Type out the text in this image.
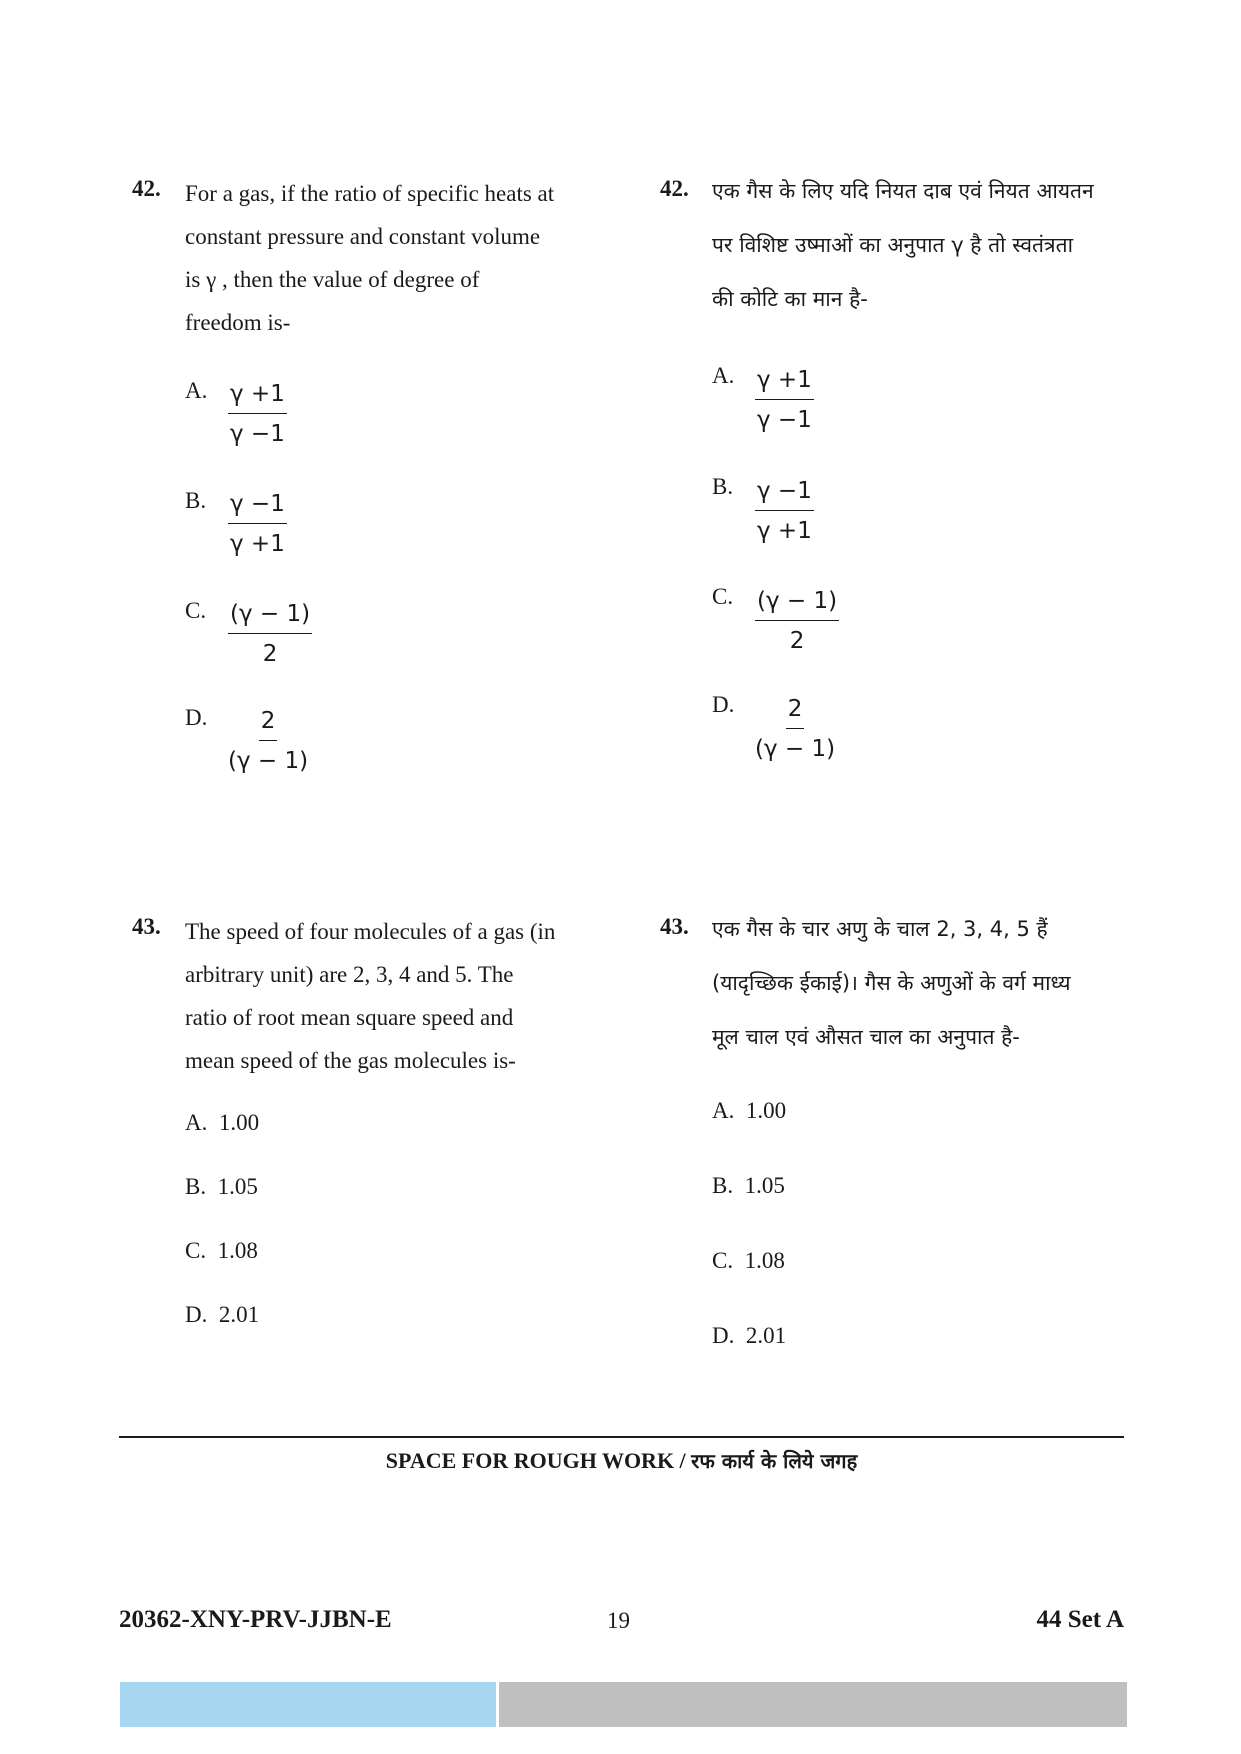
42. For a gas, if the ratio of specific heats at
constant pressure and constant volume
is γ , then the value of degree of
freedom is-
A. $\frac{\gamma +1}{\gamma -1}$
B. $\frac{\gamma -1}{\gamma +1}$
C. $\frac{(\gamma - 1)}{2}$
D. $\frac{2}{(\gamma - 1)}$
42. एक गैस के लिए यदि नियत दाब एवं नियत आयतन
पर विशिष्ट उष्माओं का अनुपात γ है तो स्वतंत्रता
की कोटि का मान है-
A. $\frac{\gamma +1}{\gamma -1}$
B. $\frac{\gamma -1}{\gamma +1}$
C. $\frac{(\gamma - 1)}{2}$
D. $\frac{2}{(\gamma - 1)}$
43. The speed of four molecules of a gas (in
arbitrary unit) are 2, 3, 4 and 5. The
ratio of root mean square speed and
mean speed of the gas molecules is-
A. 1.00
B. 1.05
C. 1.08
D. 2.01
43. एक गैस के चार अणु के चाल 2, 3, 4, 5 हैं
(यादृच्छिक ईकाई)। गैस के अणुओं के वर्ग माध्य
मूल चाल एवं औसत चाल का अनुपात है-
A. 1.00
B. 1.05
C. 1.08
D. 2.01
SPACE FOR ROUGH WORK / रफ कार्य के लिये जगह
20362-XNY-PRV-JJBN-E	19	44 Set A
